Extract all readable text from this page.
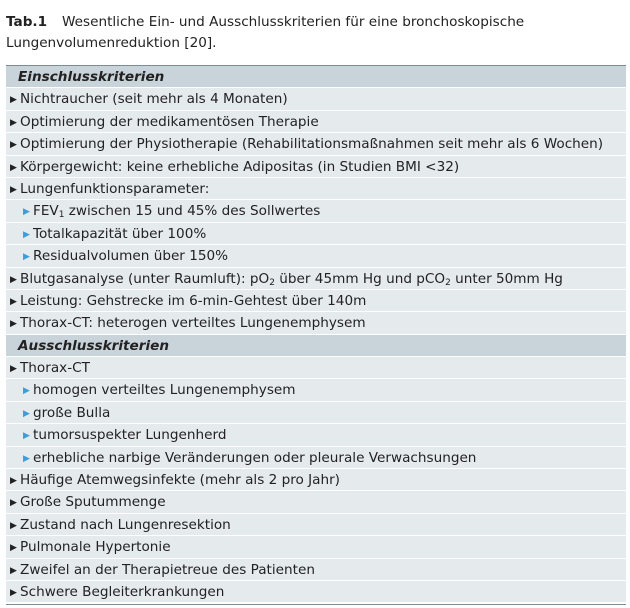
Tab.1 Wesentliche Ein- und Ausschlusskriterien für eine bronchoskopische Lungenvolumenreduktion [20].
Einschlusskriterien
▶ Nichtraucher (seit mehr als 4 Monaten)
▶ Optimierung der medikamentösen Therapie
▶ Optimierung der Physiotherapie (Rehabilitationsmaßnahmen seit mehr als 6 Wochen)
▶ Körpergewicht: keine erhebliche Adipositas (in Studien BMI <32)
▶ Lungenfunktionsparameter:
▶ $FEV_1$ zwischen 15 und 45% des Sollwertes
▶ Totalkapazität über 100%
▶ Residualvolumen über 150%
▶ Blutgasanalyse (unter Raumluft): $pO_2$ über 45mm Hg und pCO$_2$ unter 50mm Hg
▶ Leistung: Gehstrecke im 6-min-Gehtest über 140m
▶ Thorax-CT: heterogen verteiltes Lungenemphysem
Ausschlusskriterien
▶ Thorax-CT
▶ homogen verteiltes Lungenemphysem
▶ große Bulla
▶ tumorsuspekter Lungenherd
▶ erhebliche narbige Veränderungen oder pleurale Verwachsungen
▶ Häufige Atemwegsinfekte (mehr als 2 pro Jahr)
▶ Große Sputummenge
▶ Zustand nach Lungenresektion
▶ Pulmonale Hypertonie
▶ Zweifel an der Therapietreue des Patienten
▶ Schwere Begleiterkrankungen
